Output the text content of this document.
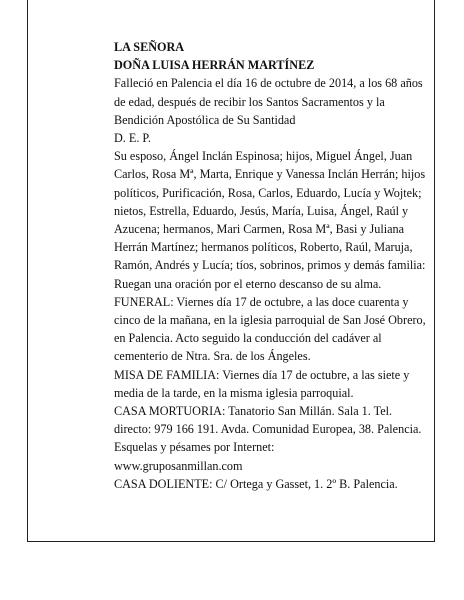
LA SEÑORA

DOÑA LUISA HERRÁN MARTÍNEZ

Falleció en Palencia el día 16 de octubre de 2014, a los 68 años de edad, después de recibir los Santos Sacramentos y la Bendición Apostólica de Su Santidad

D. E. P.

Su esposo, Ángel Inclán Espinosa; hijos, Miguel Ángel, Juan Carlos, Rosa Mª, Marta, Enrique y Vanessa Inclán Herrán; hijos políticos, Purificación, Rosa, Carlos, Eduardo, Lucía y Wojtek; nietos, Estrella, Eduardo, Jesús, María, Luisa, Ángel, Raúl y Azucena; hermanos, Mari Carmen, Rosa Mª, Basi y Juliana Herrán Martínez; hermanos políticos, Roberto, Raúl, Maruja, Ramón, Andrés y Lucía; tíos, sobrinos, primos y demás familia:

Ruegan una oración por el eterno descanso de su alma.

FUNERAL: Viernes día 17 de octubre, a las doce cuarenta y cinco de la mañana, en la iglesia parroquial de San José Obrero, en Palencia. Acto seguido la conducción del cadáver al cementerio de Ntra. Sra. de los Ángeles.

MISA DE FAMILIA: Viernes día 17 de octubre, a las siete y media de la tarde, en la misma iglesia parroquial.

CASA MORTUORIA: Tanatorio San Millán. Sala 1. Tel. directo: 979 166 191. Avda. Comunidad Europea, 38. Palencia.

Esquelas y pésames por Internet:

www.gruposanmillan.com

CASA DOLIENTE: C/ Ortega y Gasset, 1. 2º B. Palencia.
